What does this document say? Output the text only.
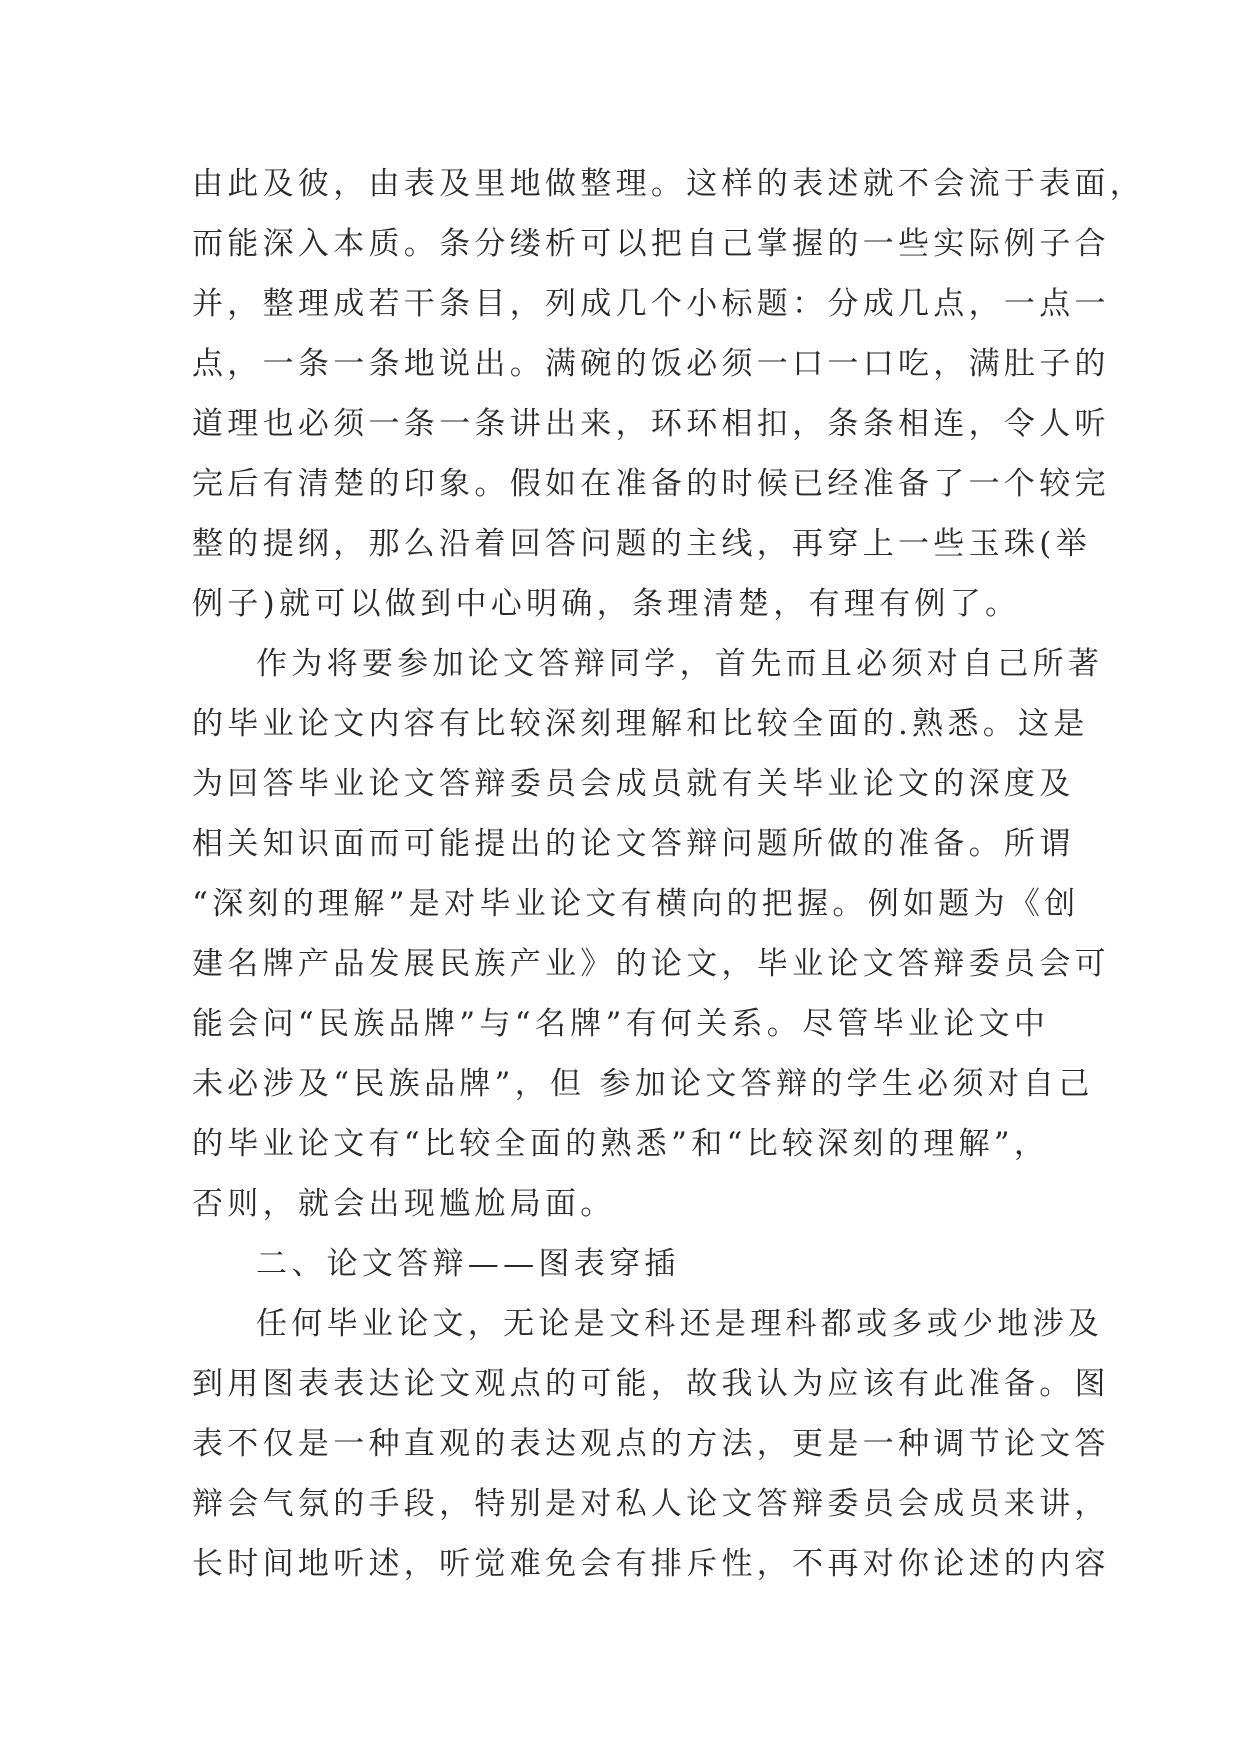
由此及彼，由表及里地做整理。这样的表述就不会流于表面，
而能深入本质。条分缕析可以把自己掌握的一些实际例子合
并，整理成若干条目，列成几个小标题：分成几点，一点一
点，一条一条地说出。满碗的饭必须一口一口吃，满肚子的
道理也必须一条一条讲出来，环环相扣，条条相连，令人听
完后有清楚的印象。假如在准备的时候已经准备了一个较完
整的提纲，那么沿着回答问题的主线，再穿上一些玉珠(举
例子)就可以做到中心明确，条理清楚，有理有例了。
作为将要参加论文答辩同学，首先而且必须对自己所著
的毕业论文内容有比较深刻理解和比较全面的.熟悉。这是
为回答毕业论文答辩委员会成员就有关毕业论文的深度及
相关知识面而可能提出的论文答辩问题所做的准备。所谓
“深刻的理解”是对毕业论文有横向的把握。例如题为《创
建名牌产品发展民族产业》的论文，毕业论文答辩委员会可
能会问“民族品牌”与“名牌”有何关系。尽管毕业论文中
未必涉及“民族品牌”，但 参加论文答辩的学生必须对自己
的毕业论文有“比较全面的熟悉”和“比较深刻的理解”，
否则，就会出现尴尬局面。
二、论文答辩——图表穿插
任何毕业论文，无论是文科还是理科都或多或少地涉及
到用图表表达论文观点的可能，故我认为应该有此准备。图
表不仅是一种直观的表达观点的方法，更是一种调节论文答
辩会气氛的手段，特别是对私人论文答辩委员会成员来讲，
长时间地听述，听觉难免会有排斥性，不再对你论述的内容
